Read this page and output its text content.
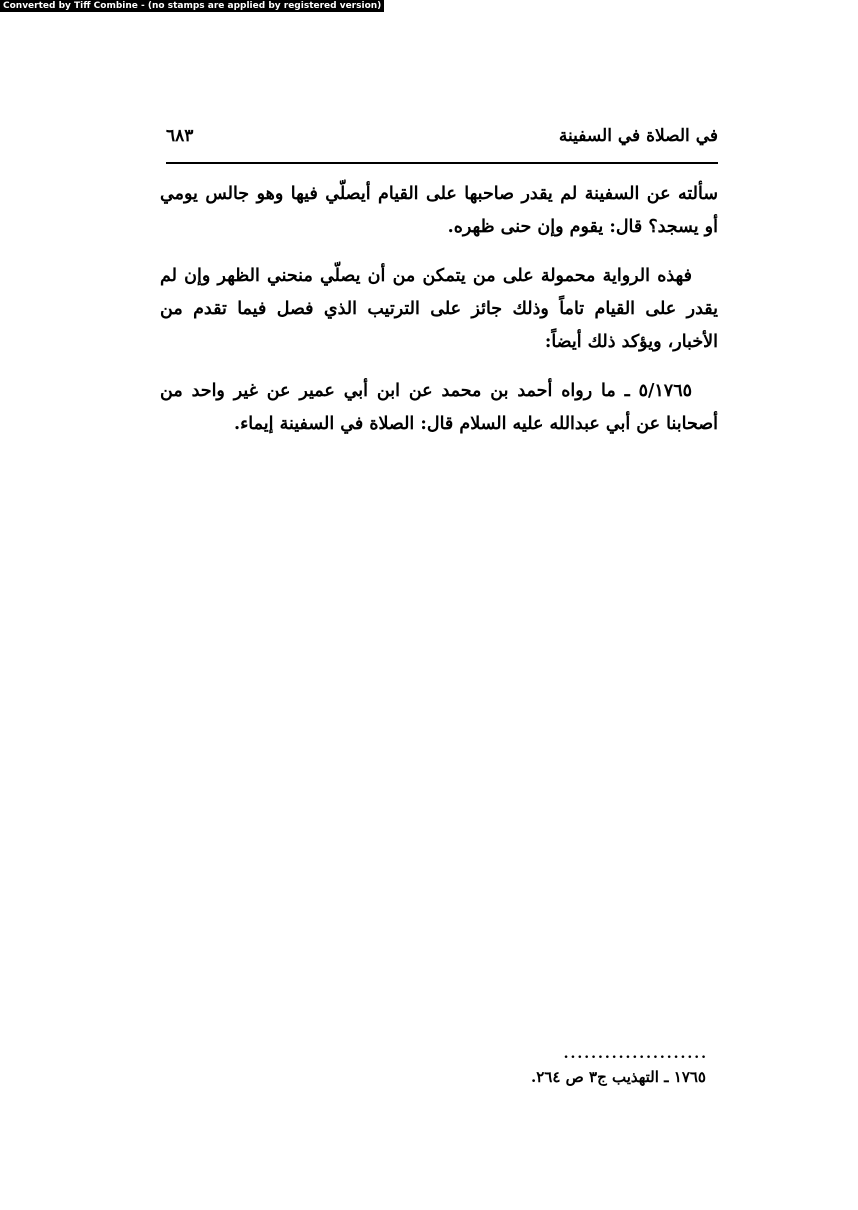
Converted by Tiff Combine - (no stamps are applied by registered version)
في الصلاة في السفينة
٦٨٣

سألته عن السفينة لم يقدر صاحبها على القيام أيصلّي فيها وهو جالس يومي أو يسجد؟ قال: يقوم وإن حنى ظهره.

فهذه الرواية محمولة على من يتمكن من أن يصلّي منحني الظهر وإن لم يقدر على القيام تاماً وذلك جائز على الترتيب الذي فصل فيما تقدم من الأخبار، ويؤكد ذلك أيضاً:

٥/١٧٦٥ ـ ما رواه أحمد بن محمد عن ابن أبي عمير عن غير واحد من أصحابنا عن أبي عبدالله عليه السلام قال: الصلاة في السفينة إيماء.

.....................
١٧٦٥ ـ التهذيب ج٣ ص ٢٦٤.
